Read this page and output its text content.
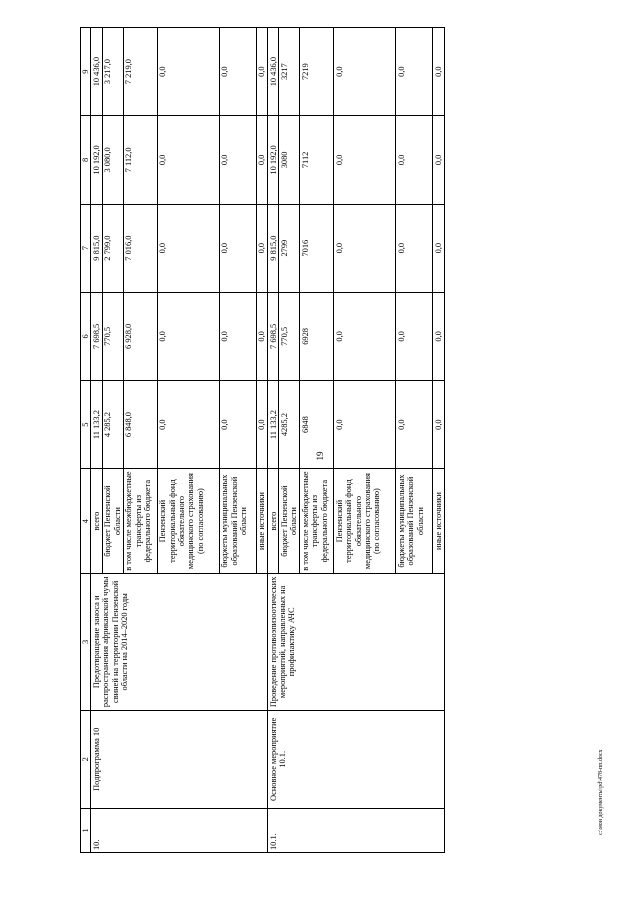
19
1	2	3	4	5	6	7	8	9
10.	Подпрограмма 10	Предотвращение заноса и распространения африканской чумы свиней на территории Пензенской области на 2014–2020 годы	всего	11 133,2	7 698,5	9 815,0	10 192,0	10 436,0
			бюджет Пензенской области	4 285,2	770,5	2 799,0	3 080,0	3 217,0
			в том числе межбюджетные трансферты из федерального бюджета	6 848,0	6 928,0	7 016,0	7 112,0	7 219,0
			Пензенский территориальный фонд обязательного медицинского страхования (по согласованию)	0,0	0,0	0,0	0,0	0,0
			бюджеты муниципальных образований Пензенской области	0,0	0,0	0,0	0,0	0,0
			иные источники	0,0	0,0	0,0	0,0	0,0
10.1.	Основное мероприятие 10.1.	Проведение противоэпизоотических мероприятий, направленных на профилактику АЧС	всего	11 133,2	7 698,5	9 815,0	10 192,0	10 436,0
			бюджет Пензенской области	4285,2	770,5	2799	3080	3217
			в том числе межбюджетные трансферты из федерального бюджета	6848	6928	7016	7112	7219
			Пензенский территориальный фонд обязательного медицинского страхования (по согласованию)	0,0	0,0	0,0	0,0	0,0
			бюджеты муниципальных образований Пензенской области	0,0	0,0	0,0	0,0	0,0
			иные источники	0,0	0,0	0,0	0,0	0,0
c:\мои документы\pd\478-пп.docx
